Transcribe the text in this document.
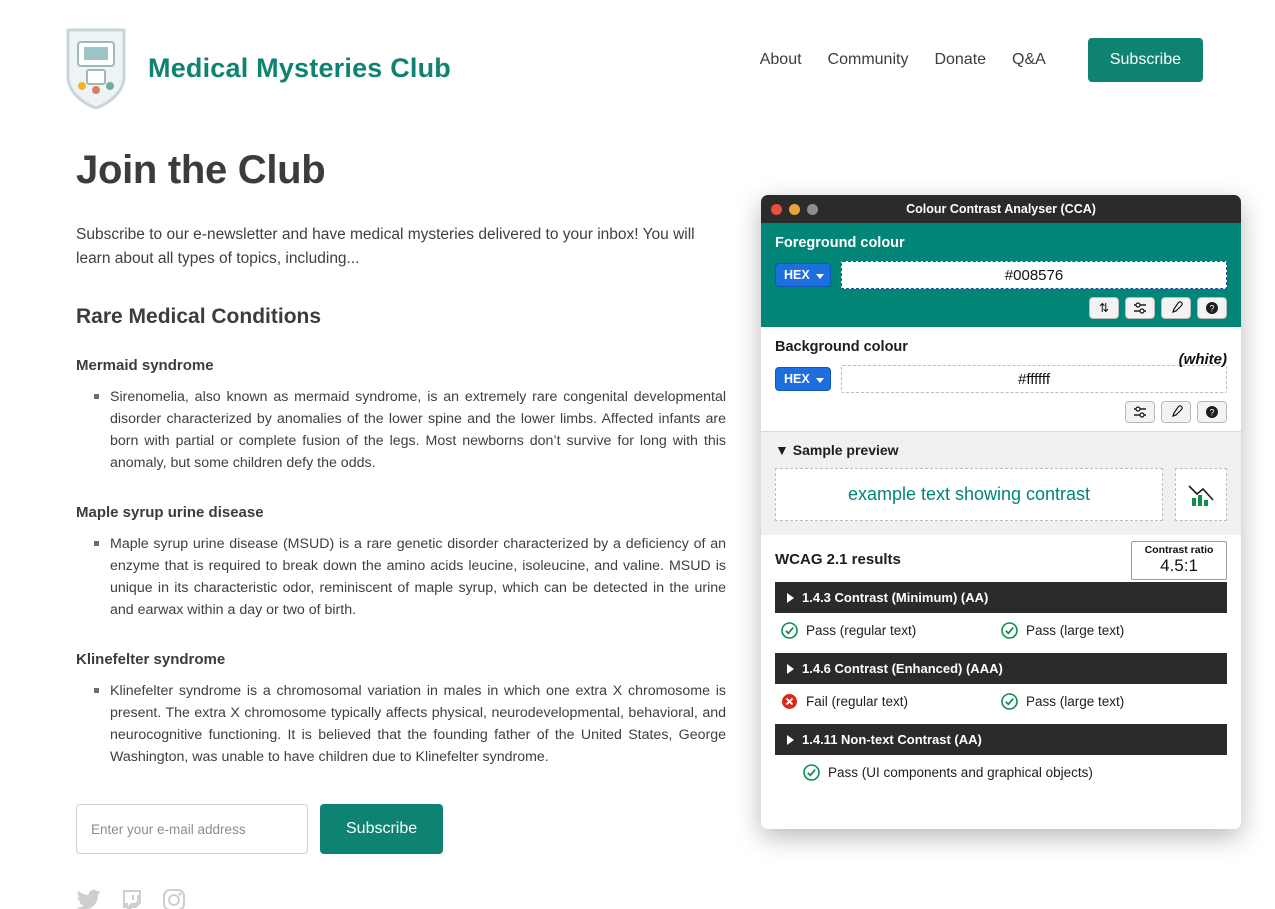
Medical Mysteries Club	About Community Donate Q&A	Subscribe
Join the Club

Subscribe to our e-newsletter and have medical mysteries delivered to your inbox! You will learn about all types of topics, including...

Rare Medical Conditions
Mermaid syndrome
Sirenomelia, also known as mermaid syndrome, is an extremely rare congenital developmental disorder characterized by anomalies of the lower spine and the lower limbs. Affected infants are born with partial or complete fusion of the legs. Most newborns don’t survive for long with this anomaly, but some children defy the odds.
Maple syrup urine disease
Maple syrup urine disease (MSUD) is a rare genetic disorder characterized by a deficiency of an enzyme that is required to break down the amino acids leucine, isoleucine, and valine. MSUD is unique in its characteristic odor, reminiscent of maple syrup, which can be detected in the urine and earwax within a day or two of birth.
Klinefelter syndrome
Klinefelter syndrome is a chromosomal variation in males in which one extra X chromosome is present. The extra X chromosome typically affects physical, neurodevelopmental, behavioral, and neurocognitive functioning. It is believed that the founding father of the United States, George Washington, was unable to have children due to Klinefelter syndrome.
Enter your e-mail address
Subscribe
Colour Contrast Analyser (CCA)
Foreground colour
HEX
#008576
⇅	?
Background colour
(white)
HEX
#ffffff
?
▼ Sample preview
example text showing contrast
WCAG 2.1 results
Contrast ratio
4.5:1
1.4.3 Contrast (Minimum) (AA)
Pass (regular text)	Pass (large text)
1.4.6 Contrast (Enhanced) (AAA)
Fail (regular text)	Pass (large text)
1.4.11 Non-text Contrast (AA)
Pass (UI components and graphical objects)
